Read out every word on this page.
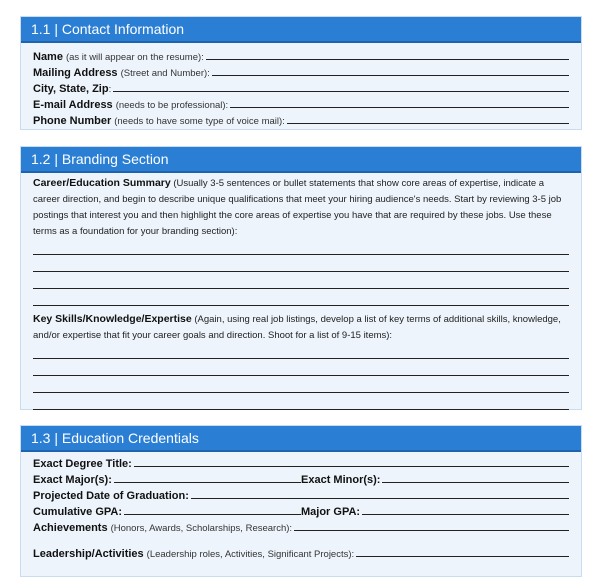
1.1 | Contact Information
Name (as it will appear on the resume):
Mailing Address (Street and Number):
City, State, Zip :
E-mail Address (needs to be professional):
Phone Number (needs to have some type of voice mail):
1.2 | Branding Section
Career/Education Summary (Usually 3-5 sentences or bullet statements that show core areas of expertise, indicate a career direction, and begin to describe unique qualifications that meet your hiring audience's needs. Start by reviewing 3-5 job postings that interest you and then highlight the core areas of expertise you have that are required by these jobs. Use these terms as a foundation for your branding section):
Key Skills/Knowledge/Expertise (Again, using real job listings, develop a list of key terms of additional skills, knowledge, and/or expertise that fit your career goals and direction. Shoot for a list of 9-15 items):
1.3 | Education Credentials
Exact Degree Title:
Exact Major(s):	Exact Minor(s):
Projected Date of Graduation:
Cumulative GPA:	Major GPA:
Achievements (Honors, Awards, Scholarships, Research):
Leadership/Activities (Leadership roles, Activities, Significant Projects):
